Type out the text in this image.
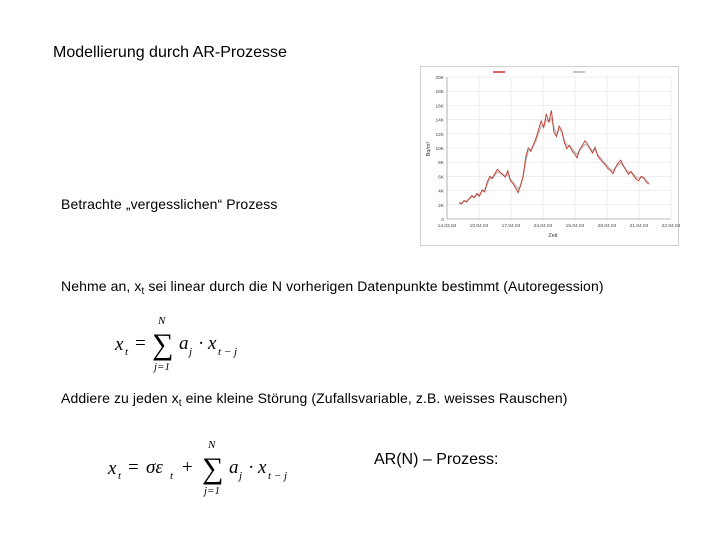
Modellierung durch AR-Prozesse
Betrachte „vergesslichen“ Prozess
0
2K
4K
6K
8K
10K
12K
14K
16K
18K
20K
14.03.04	10.04.04	17.04.04	24.04.04	15.04.04	28.04.04	21.04.04	22.04.04
Bq/m³
Zeit
Nehme an, $x_t$ sei linear durch die N vorherigen Datenpunkte bestimmt (Autoregession)
x t =
N
∑
j=1
a j · x t − j
Addiere zu jeden $x_t$ eine kleine Störung (Zufallsvariable, z.B. weisses Rauschen)
x t = σε t +
N
∑
j=1
a j · x t − j
AR(N) – Prozess:
